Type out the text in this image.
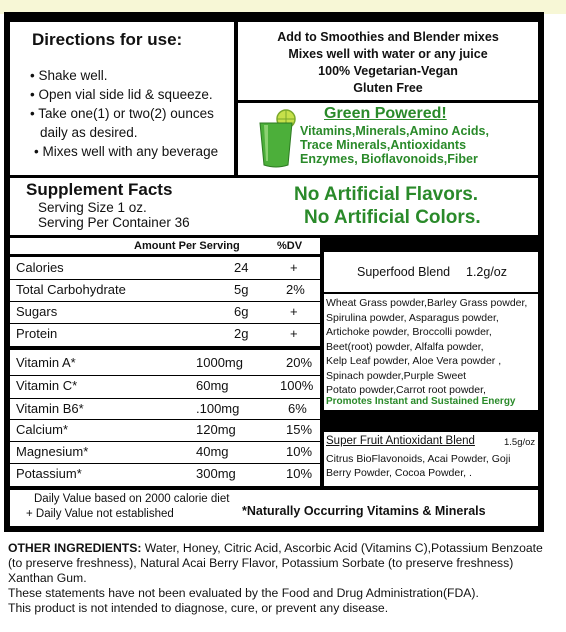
Directions for use:
• Shake well.
• Open vial side lid & squeeze.
• Take one(1) or two(2) ounces
daily as desired.
• Mixes well with any beverage
Add to Smoothies and Blender mixes
Mixes well with water or any juice
100% Vegetarian-Vegan
Gluten Free
Green Powered!
Vitamins,Minerals,Amino Acids,
Trace Minerals,Antioxidants
Enzymes, Bioflavonoids,Fiber
Supplement Facts
Serving Size 1 oz.
Serving Per Container 36
No Artificial Flavors.
No Artificial Colors.
Amount Per Serving	%DV
Calories	24	+
Total Carbohydrate	5g	2%
Sugars	6g	+
Protein	2g	+
Vitamin A*	1000mg	20%
Vitamin C*	60mg	100%
Vitamin B6*	.100mg	6%
Calcium*	120mg	15%
Magnesium*	40mg	10%
Potassium*	300mg	10%
Superfood Blend 1.2g/oz
Wheat Grass powder,Barley Grass powder,
Spirulina powder, Asparagus powder,
Artichoke powder, Broccolli powder,
Beet(root) powder, Alfalfa powder,
Kelp Leaf powder, Aloe Vera powder ,
Spinach powder,Purple Sweet
Potato powder,Carrot root powder,
Promotes Instant and Sustained Energy
Super Fruit Antioxidant Blend	1.5g/oz
Citrus BioFlavonoids, Acai Powder, Goji
Berry Powder, Cocoa Powder, .
Daily Value based on 2000 calorie diet
+ Daily Value not established	*Naturally Occurring Vitamins & Minerals
OTHER INGREDIENTS: Water, Honey, Citric Acid, Ascorbic Acid (Vitamins C),Potassium Benzoate (to preserve freshness), Natural Acai Berry Flavor, Potassium Sorbate (to preserve freshness) Xanthan Gum.
These statements have not been evaluated by the Food and Drug Administration(FDA).
This product is not intended to diagnose, cure, or prevent any disease.
